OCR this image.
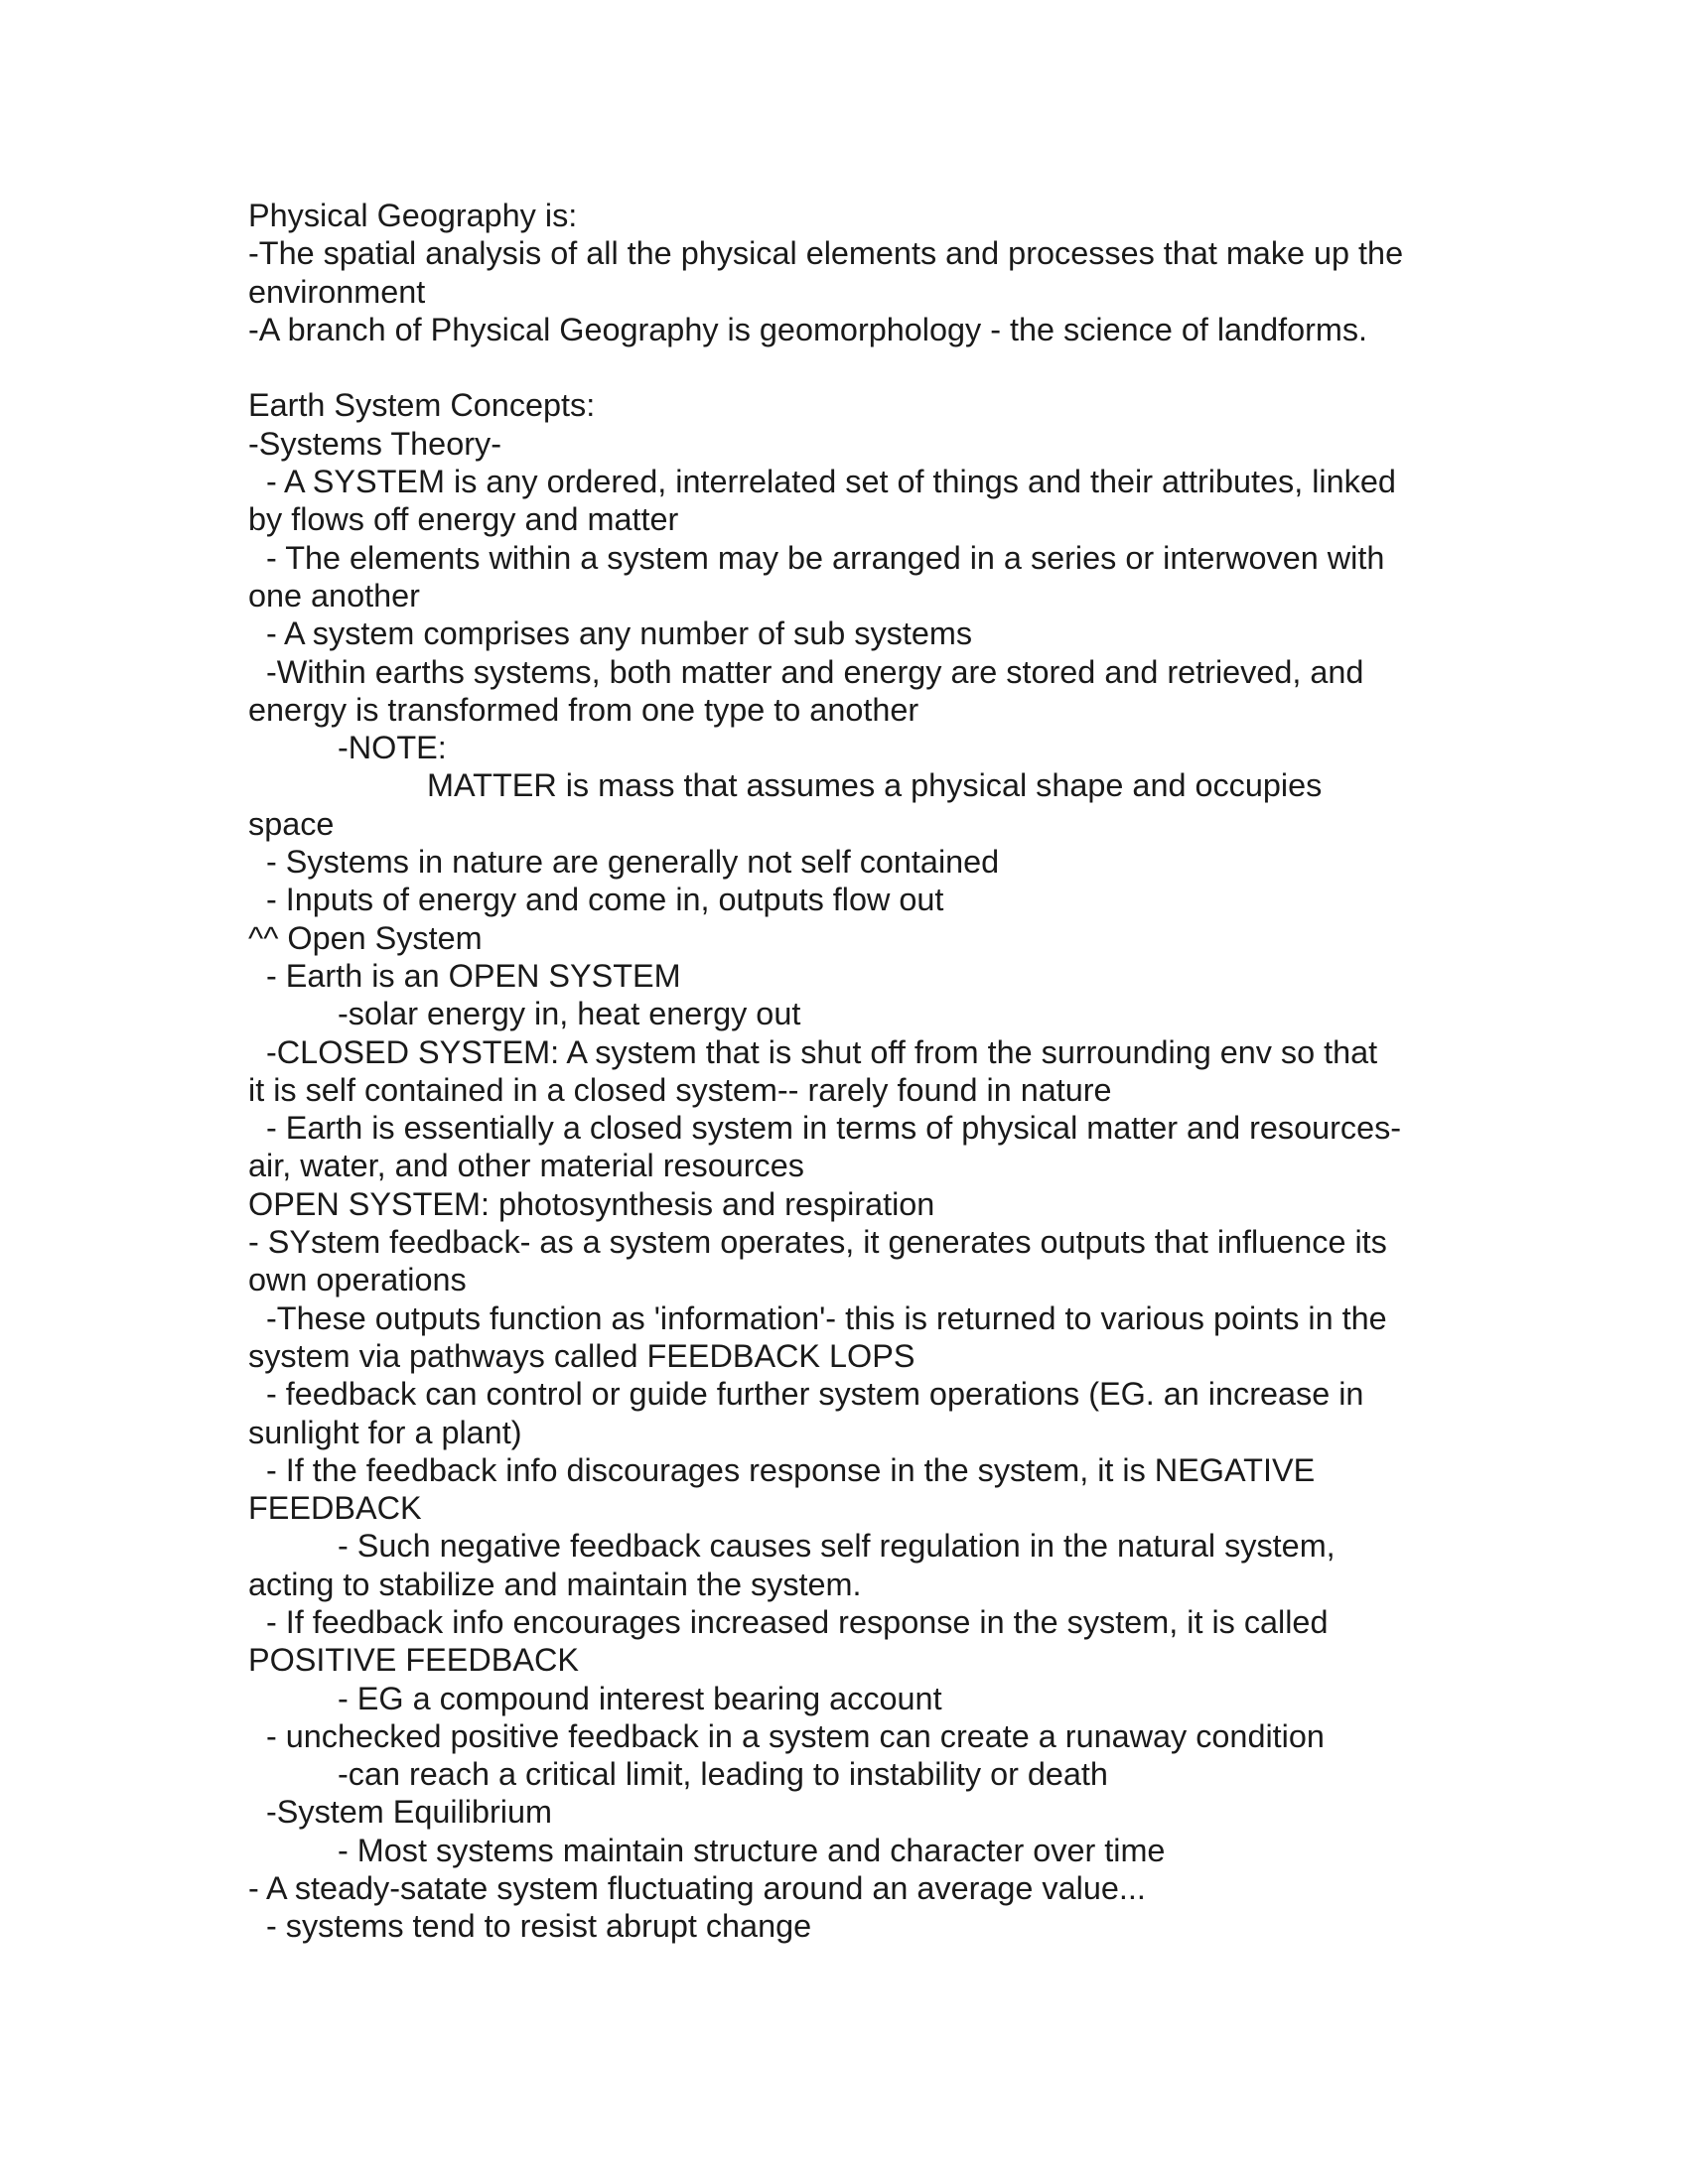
Physical Geography is:
-The spatial analysis of all the physical elements and processes that make up the
environment
-A branch of Physical Geography is geomorphology - the science of landforms.
Earth System Concepts:
-Systems Theory-
- A SYSTEM is any ordered, interrelated set of things and their attributes, linked
by flows off energy and matter
- The elements within a system may be arranged in a series or interwoven with
one another
- A system comprises any number of sub systems
-Within earths systems, both matter and energy are stored and retrieved, and
energy is transformed from one type to another
-NOTE:
MATTER is mass that assumes a physical shape and occupies
space
- Systems in nature are generally not self contained
- Inputs of energy and come in, outputs flow out
^^ Open System
- Earth is an OPEN SYSTEM
-solar energy in, heat energy out
-CLOSED SYSTEM: A system that is shut off from the surrounding env so that
it is self contained in a closed system-- rarely found in nature
- Earth is essentially a closed system in terms of physical matter and resources-
air, water, and other material resources
OPEN SYSTEM: photosynthesis and respiration
- SYstem feedback- as a system operates, it generates outputs that influence its
own operations
-These outputs function as 'information'- this is returned to various points in the
system via pathways called FEEDBACK LOPS
- feedback can control or guide further system operations (EG. an increase in
sunlight for a plant)
- If the feedback info discourages response in the system, it is NEGATIVE
FEEDBACK
- Such negative feedback causes self regulation in the natural system,
acting to stabilize and maintain the system.
- If feedback info encourages increased response in the system, it is called
POSITIVE FEEDBACK
- EG a compound interest bearing account
- unchecked positive feedback in a system can create a runaway condition
-can reach a critical limit, leading to instability or death
-System Equilibrium
- Most systems maintain structure and character over time
- A steady-satate system fluctuating around an average value...
- systems tend to resist abrupt change
